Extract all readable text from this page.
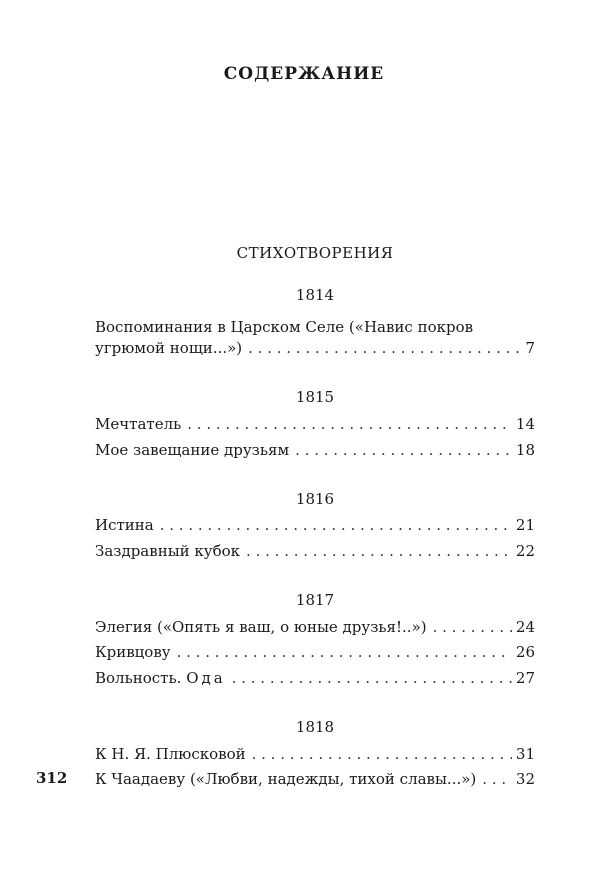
СОДЕРЖАНИЕ
СТИХОТВОРЕНИЯ
1814
Воспоминания в Царском Селе («Навис покров
угрюмой нощи...») . . .	7
1815
Мечтатель . . .	14
Мое завещание друзьям . . .	18
1816
Истина . . .	21
Заздравный кубок . . .	22
1817
Элегия («Опять я ваш, о юные друзья!..») . . .	24
Кривцову . . .	26
Вольность. Ода . . .	27
1818
К Н. Я. Плюсковой . . .	31
К Чаадаеву («Любви, надежды, тихой славы...») . . .	32
312
